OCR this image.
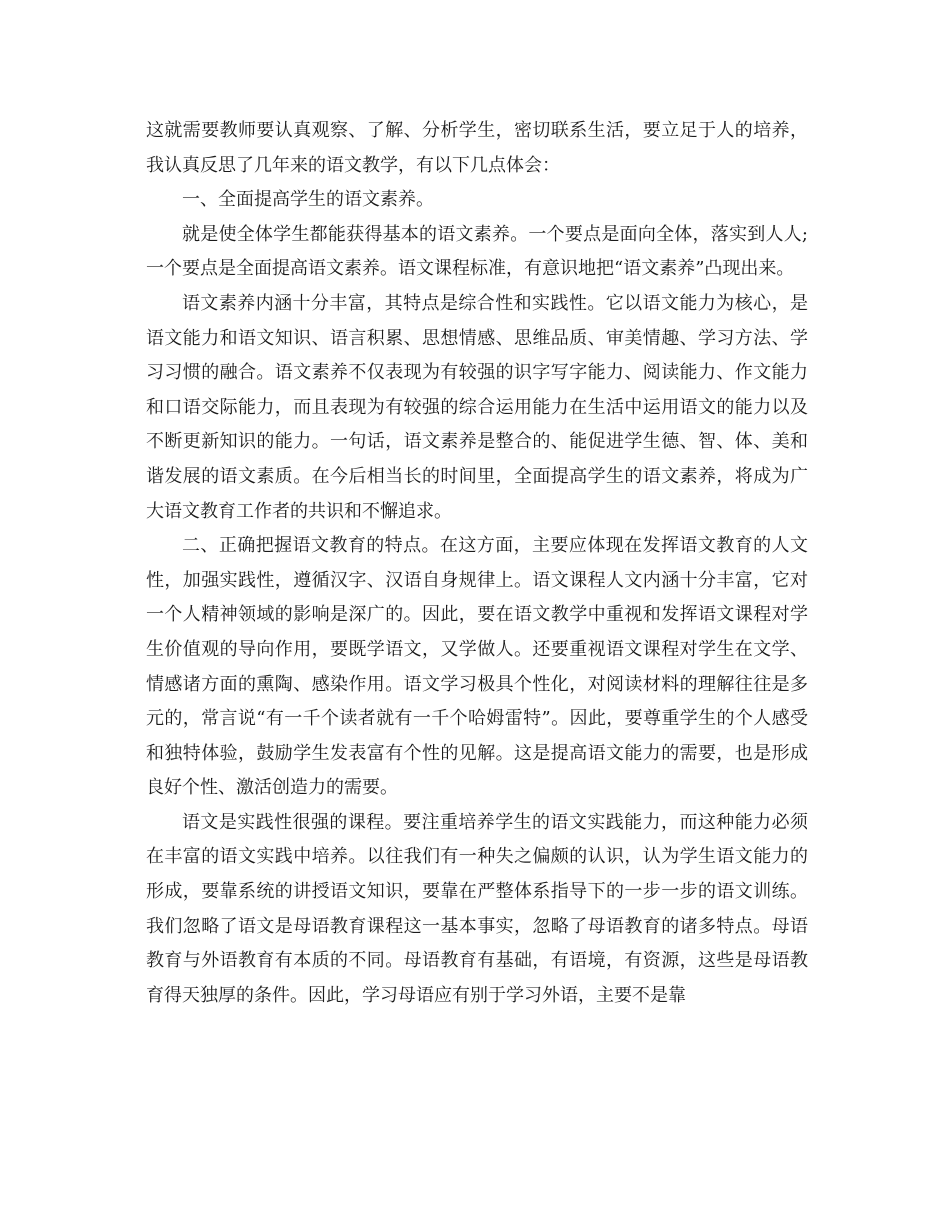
这就需要教师要认真观察、了解、分析学生，密切联系生活，要立足于人的培养，我认真反思了几年来的语文教学，有以下几点体会：

一、全面提高学生的语文素养。

就是使全体学生都能获得基本的语文素养。一个要点是面向全体，落实到人人;一个要点是全面提高语文素养。语文课程标准，有意识地把“语文素养”凸现出来。

语文素养内涵十分丰富，其特点是综合性和实践性。它以语文能力为核心，是语文能力和语文知识、语言积累、思想情感、思维品质、审美情趣、学习方法、学习习惯的融合。语文素养不仅表现为有较强的识字写字能力、阅读能力、作文能力和口语交际能力，而且表现为有较强的综合运用能力在生活中运用语文的能力以及不断更新知识的能力。一句话，语文素养是整合的、能促进学生德、智、体、美和谐发展的语文素质。在今后相当长的时间里，全面提高学生的语文素养，将成为广大语文教育工作者的共识和不懈追求。

二、正确把握语文教育的特点。在这方面，主要应体现在发挥语文教育的人文性，加强实践性，遵循汉字、汉语自身规律上。语文课程人文内涵十分丰富，它对一个人精神领域的影响是深广的。因此，要在语文教学中重视和发挥语文课程对学生价值观的导向作用，要既学语文，又学做人。还要重视语文课程对学生在文学、情感诸方面的熏陶、感染作用。语文学习极具个性化，对阅读材料的理解往往是多元的，常言说“有一千个读者就有一千个哈姆雷特”。因此，要尊重学生的个人感受和独特体验，鼓励学生发表富有个性的见解。这是提高语文能力的需要，也是形成良好个性、激活创造力的需要。

语文是实践性很强的课程。要注重培养学生的语文实践能力，而这种能力必须在丰富的语文实践中培养。以往我们有一种失之偏颇的认识，认为学生语文能力的形成，要靠系统的讲授语文知识，要靠在严整体系指导下的一步一步的语文训练。我们忽略了语文是母语教育课程这一基本事实，忽略了母语教育的诸多特点。母语教育与外语教育有本质的不同。母语教育有基础，有语境，有资源，这些是母语教育得天独厚的条件。因此，学习母语应有别于学习外语，主要不是靠
